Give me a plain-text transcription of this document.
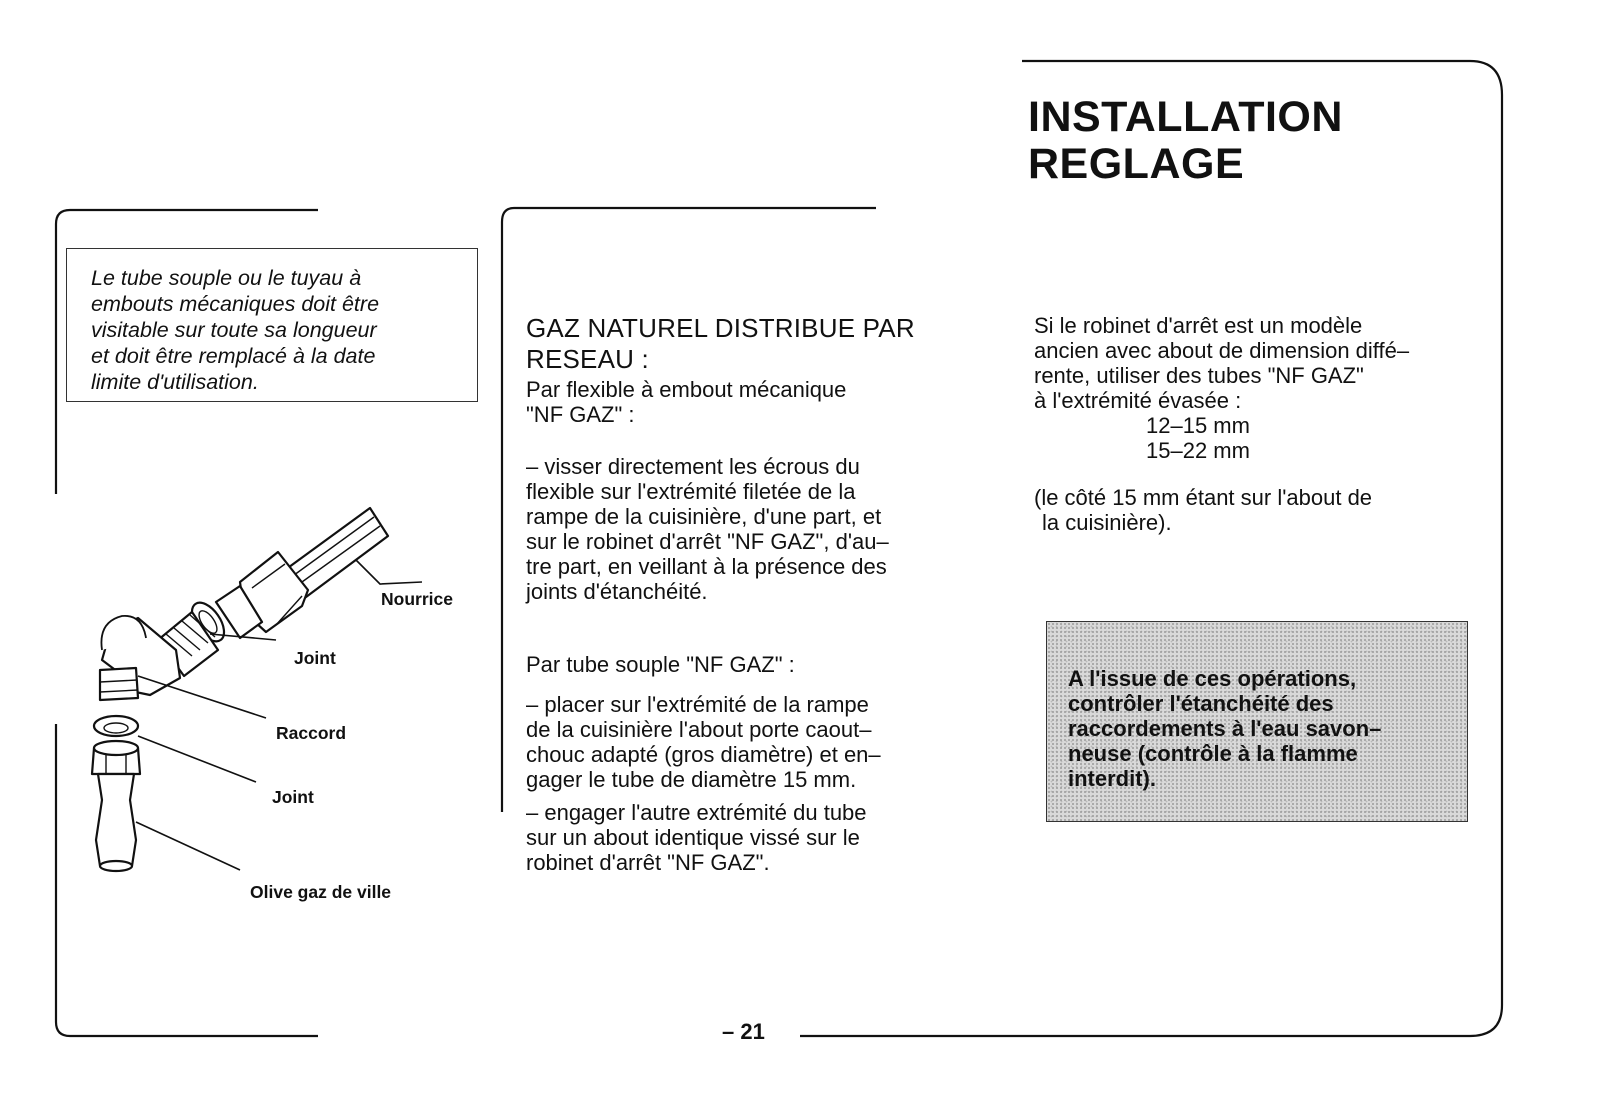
INSTALLATION
REGLAGE
Le tube souple ou le tuyau à
embouts mécaniques doit être
visitable sur toute sa longueur
et doit être remplacé à la date
limite d'utilisation.
Nourrice
Joint
Raccord
Joint
Olive gaz de ville
GAZ NATUREL DISTRIBUE PAR
RESEAU :
Par flexible à embout mécanique
"NF GAZ" :
– visser directement les écrous du
flexible sur l'extrémité filetée de la
rampe de la cuisinière, d'une part, et
sur le robinet d'arrêt "NF GAZ", d'au–
tre part, en veillant à la présence des
joints d'étanchéité.
Par tube souple "NF GAZ" :
– placer sur l'extrémité de la rampe
de la cuisinière l'about porte caout–
chouc adapté (gros diamètre) et en–
gager le tube de diamètre 15 mm.
– engager l'autre extrémité du tube
sur un about identique vissé sur le
robinet d'arrêt "NF GAZ".
Si le robinet d'arrêt est un modèle
ancien avec about de dimension diffé–
rente, utiliser des tubes "NF GAZ"
à l'extrémité évasée :
12–15 mm
15–22 mm
(le côté 15 mm étant sur l'about de
la cuisinière).
A l'issue de ces opérations,
contrôler l'étanchéité des
raccordements à l'eau savon–
neuse (contrôle à la flamme
interdit).
– 21
